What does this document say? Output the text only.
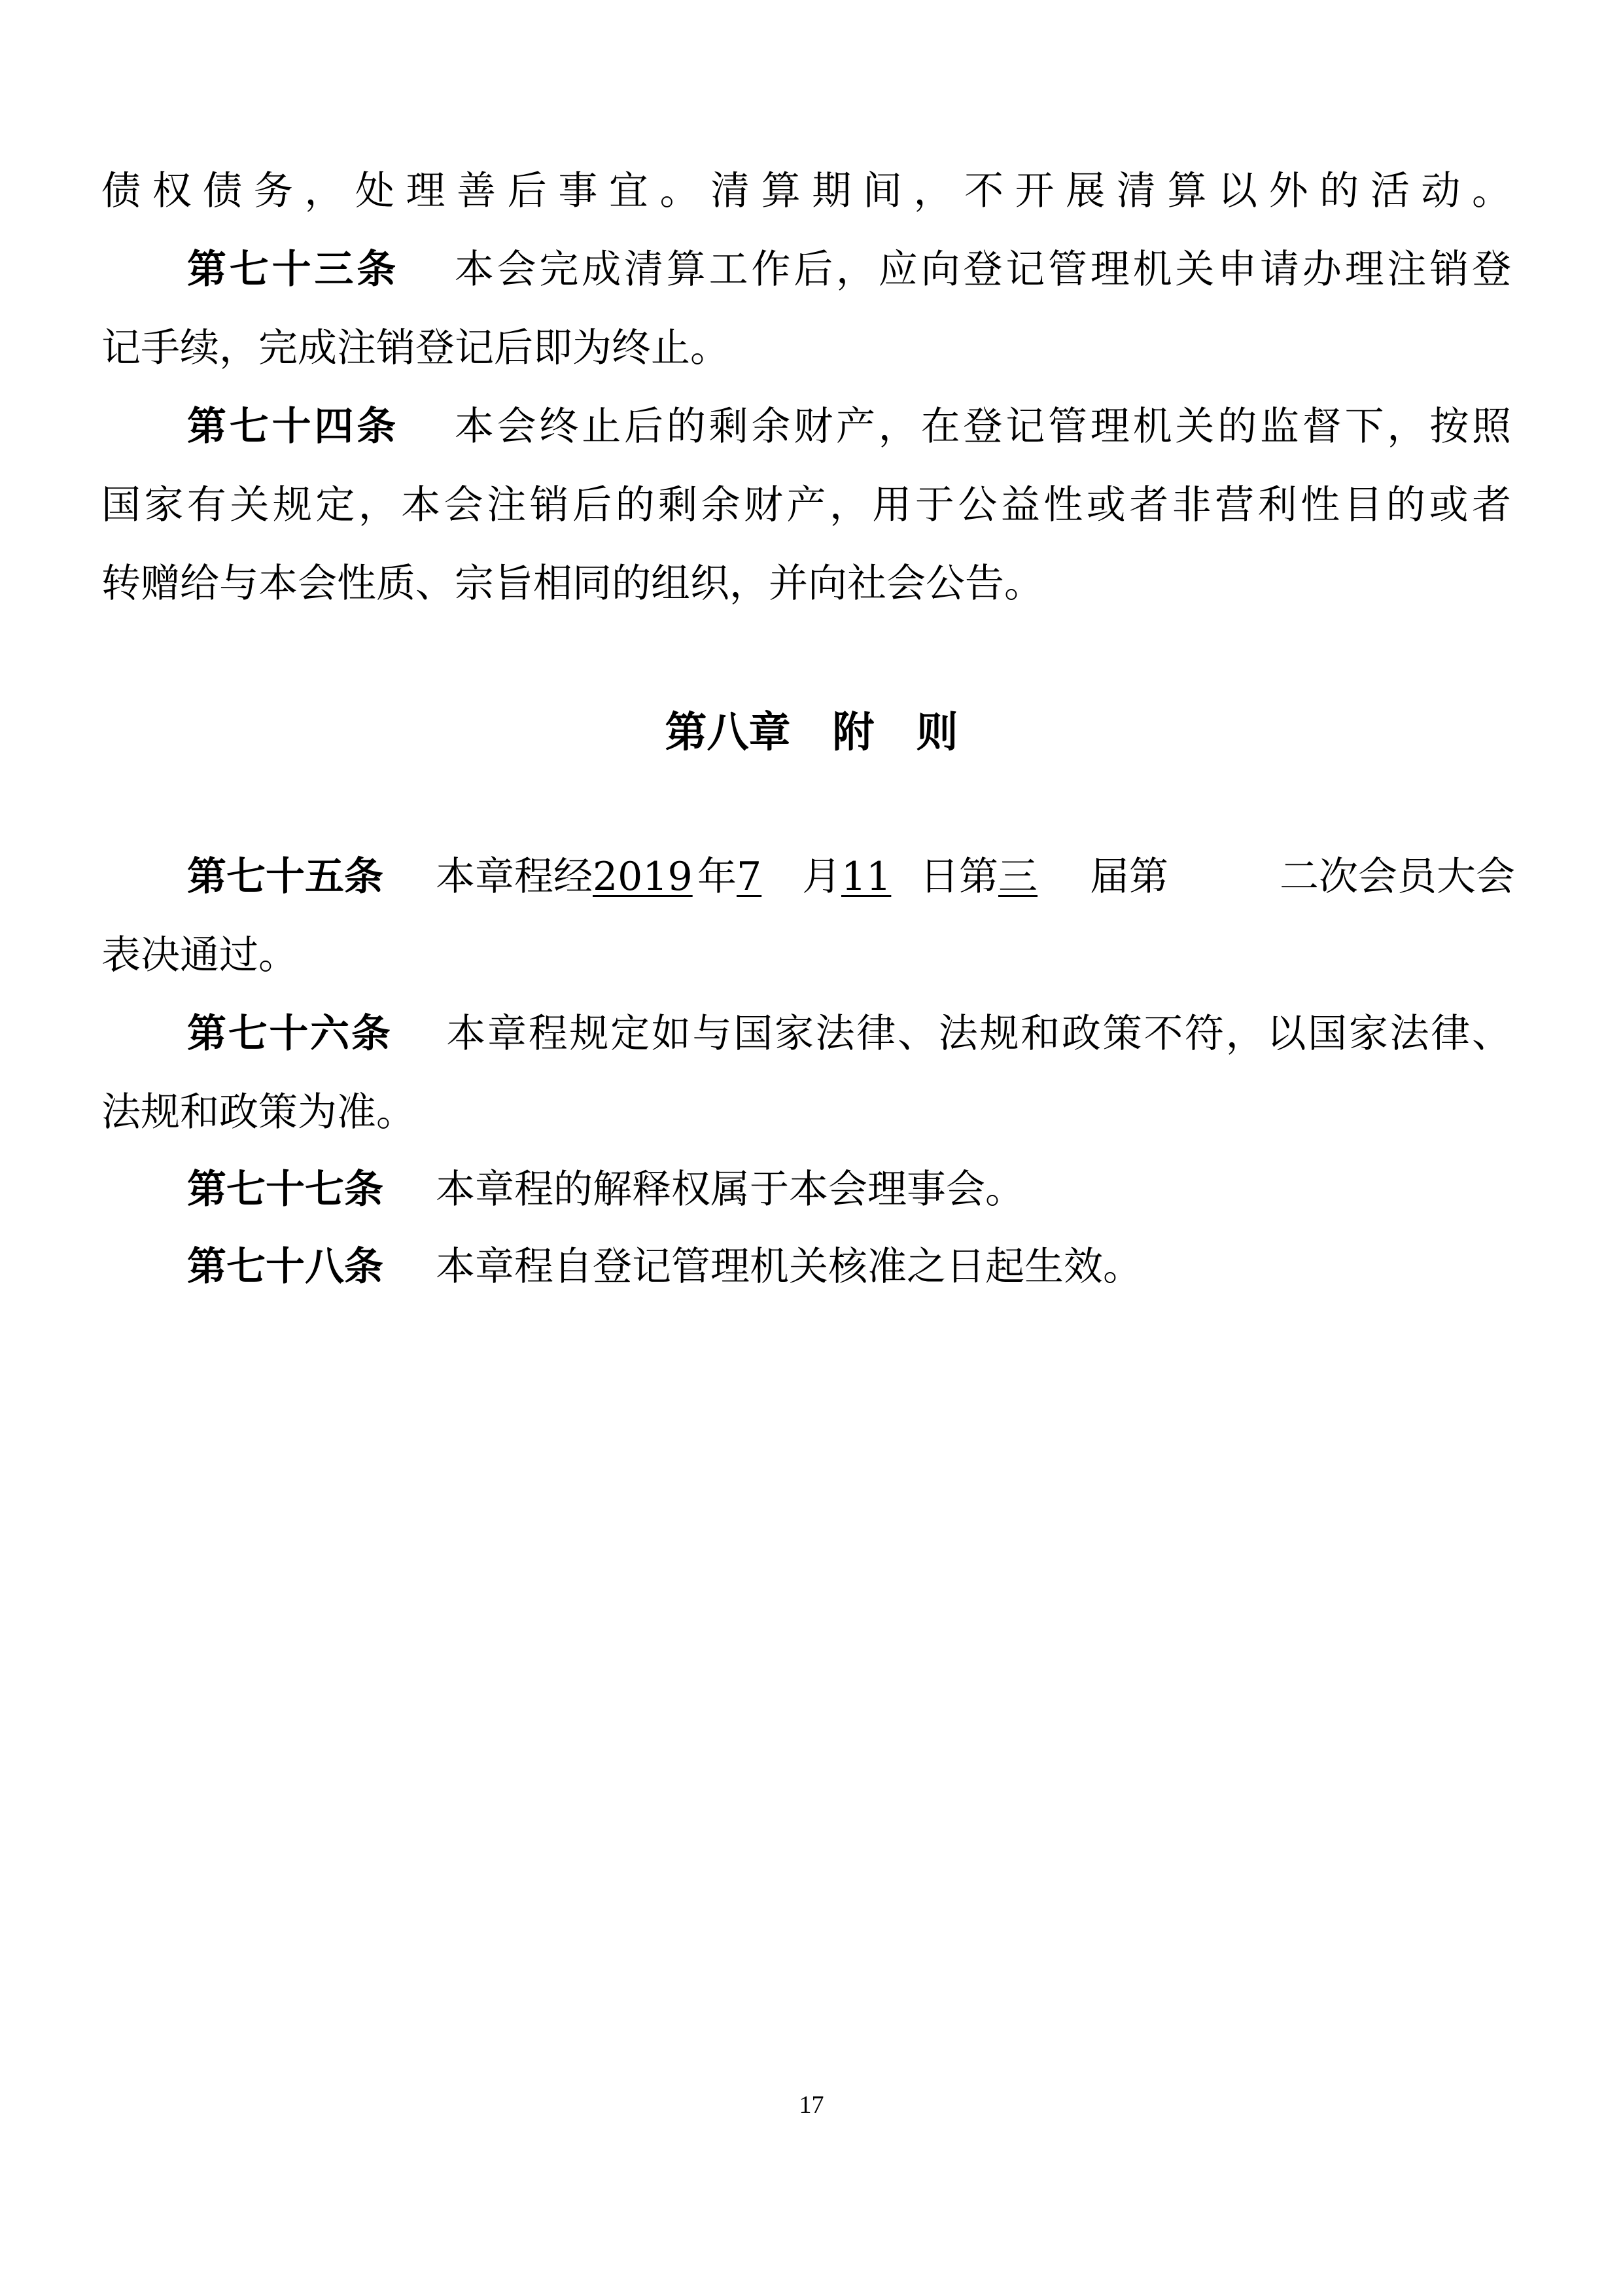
债权债务，处理善后事宜。清算期间，不开展清算以外的活动。

第七十三条 本会完成清算工作后，应向登记管理机关申请办理注销登

记手续，完成注销登记后即为终止。

第七十四条 本会终止后的剩余财产，在登记管理机关的监督下，按照

国家有关规定，本会注销后的剩余财产，用于公益性或者非营利性目的或者

转赠给与本会性质、宗旨相同的组织，并向社会公告。

第八章　附　则

第七十五条 本章程经2019 年7 月11 日第三 届第	二次会员大会

表决通过。

第七十六条 本章程规定如与国家法律、法规和政策不符，以国家法律、

法规和政策为准。

第七十七条 本章程的解释权属于本会理事会。

第七十八条 本章程自登记管理机关核准之日起生效。

17
